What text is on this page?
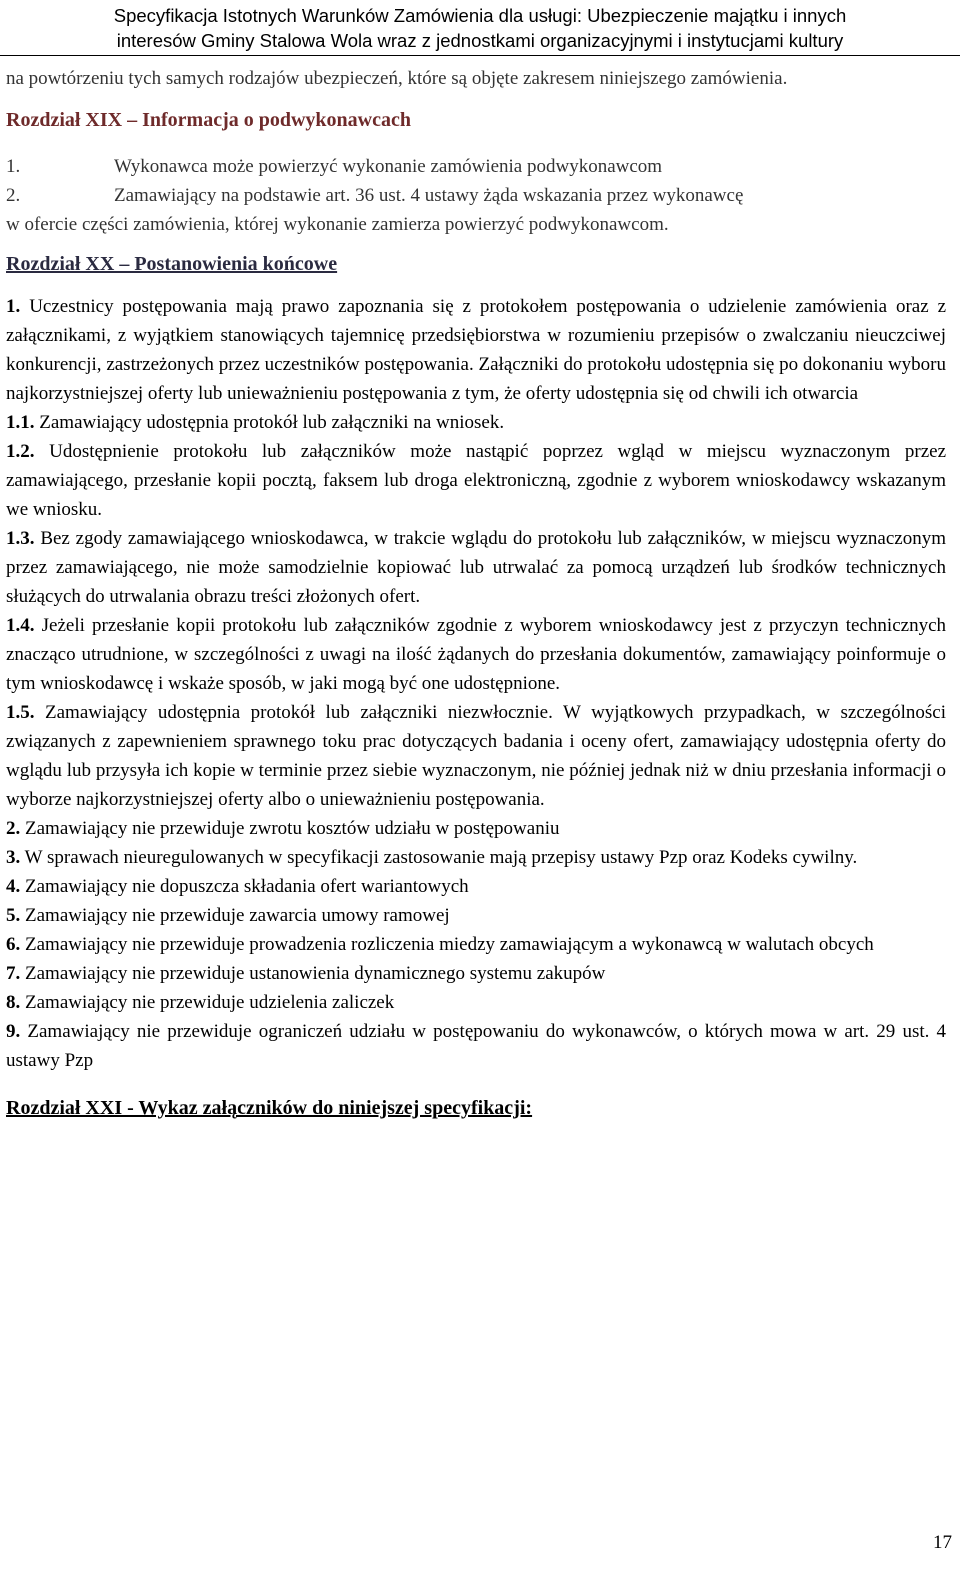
Specyfikacja Istotnych Warunków Zamówienia dla usługi: Ubezpieczenie majątku i innych
interesów Gminy Stalowa Wola wraz z jednostkami organizacyjnymi i instytucjami kultury

na powtórzeniu tych samych rodzajów ubezpieczeń, które są objęte zakresem niniejszego zamówienia.

Rozdział XIX – Informacja o podwykonawcach

1.	Wykonawca może powierzyć wykonanie zamówienia podwykonawcom
2.	Zamawiający na podstawie art. 36 ust. 4 ustawy żąda wskazania przez wykonawcę

w ofercie części zamówienia, której wykonanie zamierza powierzyć podwykonawcom.

Rozdział XX – Postanowienia końcowe

1. Uczestnicy postępowania mają prawo zapoznania się z protokołem postępowania o udzielenie zamówienia oraz z załącznikami, z wyjątkiem stanowiących tajemnicę przedsiębiorstwa w rozumieniu przepisów o zwalczaniu nieuczciwej konkurencji, zastrzeżonych przez uczestników postępowania. Załączniki do protokołu udostępnia się po dokonaniu wyboru najkorzystniejszej oferty lub unieważnieniu postępowania z tym, że oferty udostępnia się od chwili ich otwarcia

1.1. Zamawiający udostępnia protokół lub załączniki na wniosek.

1.2. Udostępnienie protokołu lub załączników może nastąpić poprzez wgląd w miejscu wyznaczonym przez zamawiającego, przesłanie kopii pocztą, faksem lub droga elektroniczną, zgodnie z wyborem wnioskodawcy wskazanym we wniosku.

1.3. Bez zgody zamawiającego wnioskodawca, w trakcie wglądu do protokołu lub załączników, w miejscu wyznaczonym przez zamawiającego, nie może samodzielnie kopiować lub utrwalać za pomocą urządzeń lub środków technicznych służących do utrwalania obrazu treści złożonych ofert.

1.4. Jeżeli przesłanie kopii protokołu lub załączników zgodnie z wyborem wnioskodawcy jest z przyczyn technicznych znacząco utrudnione, w szczególności z uwagi na ilość żądanych do przesłania dokumentów, zamawiający poinformuje o tym wnioskodawcę i wskaże sposób, w jaki mogą być one udostępnione.

1.5. Zamawiający udostępnia protokół lub załączniki niezwłocznie. W wyjątkowych przypadkach, w szczególności związanych z zapewnieniem sprawnego toku prac dotyczących badania i oceny ofert, zamawiający udostępnia oferty do wglądu lub przysyła ich kopie w terminie przez siebie wyznaczonym, nie później jednak niż w dniu przesłania informacji o wyborze najkorzystniejszej oferty albo o unieważnieniu postępowania.

2. Zamawiający nie przewiduje zwrotu kosztów udziału w postępowaniu

3. W sprawach nieuregulowanych w specyfikacji zastosowanie mają przepisy ustawy Pzp oraz Kodeks cywilny.

4. Zamawiający nie dopuszcza składania ofert wariantowych

5. Zamawiający nie przewiduje zawarcia umowy ramowej

6. Zamawiający nie przewiduje prowadzenia rozliczenia miedzy zamawiającym a wykonawcą w walutach obcych

7. Zamawiający nie przewiduje ustanowienia dynamicznego systemu zakupów

8. Zamawiający nie przewiduje udzielenia zaliczek

9. Zamawiający nie przewiduje ograniczeń udziału w postępowaniu do wykonawców, o których mowa w art. 29 ust. 4 ustawy Pzp

Rozdział XXI - Wykaz załączników do niniejszej specyfikacji:

17
